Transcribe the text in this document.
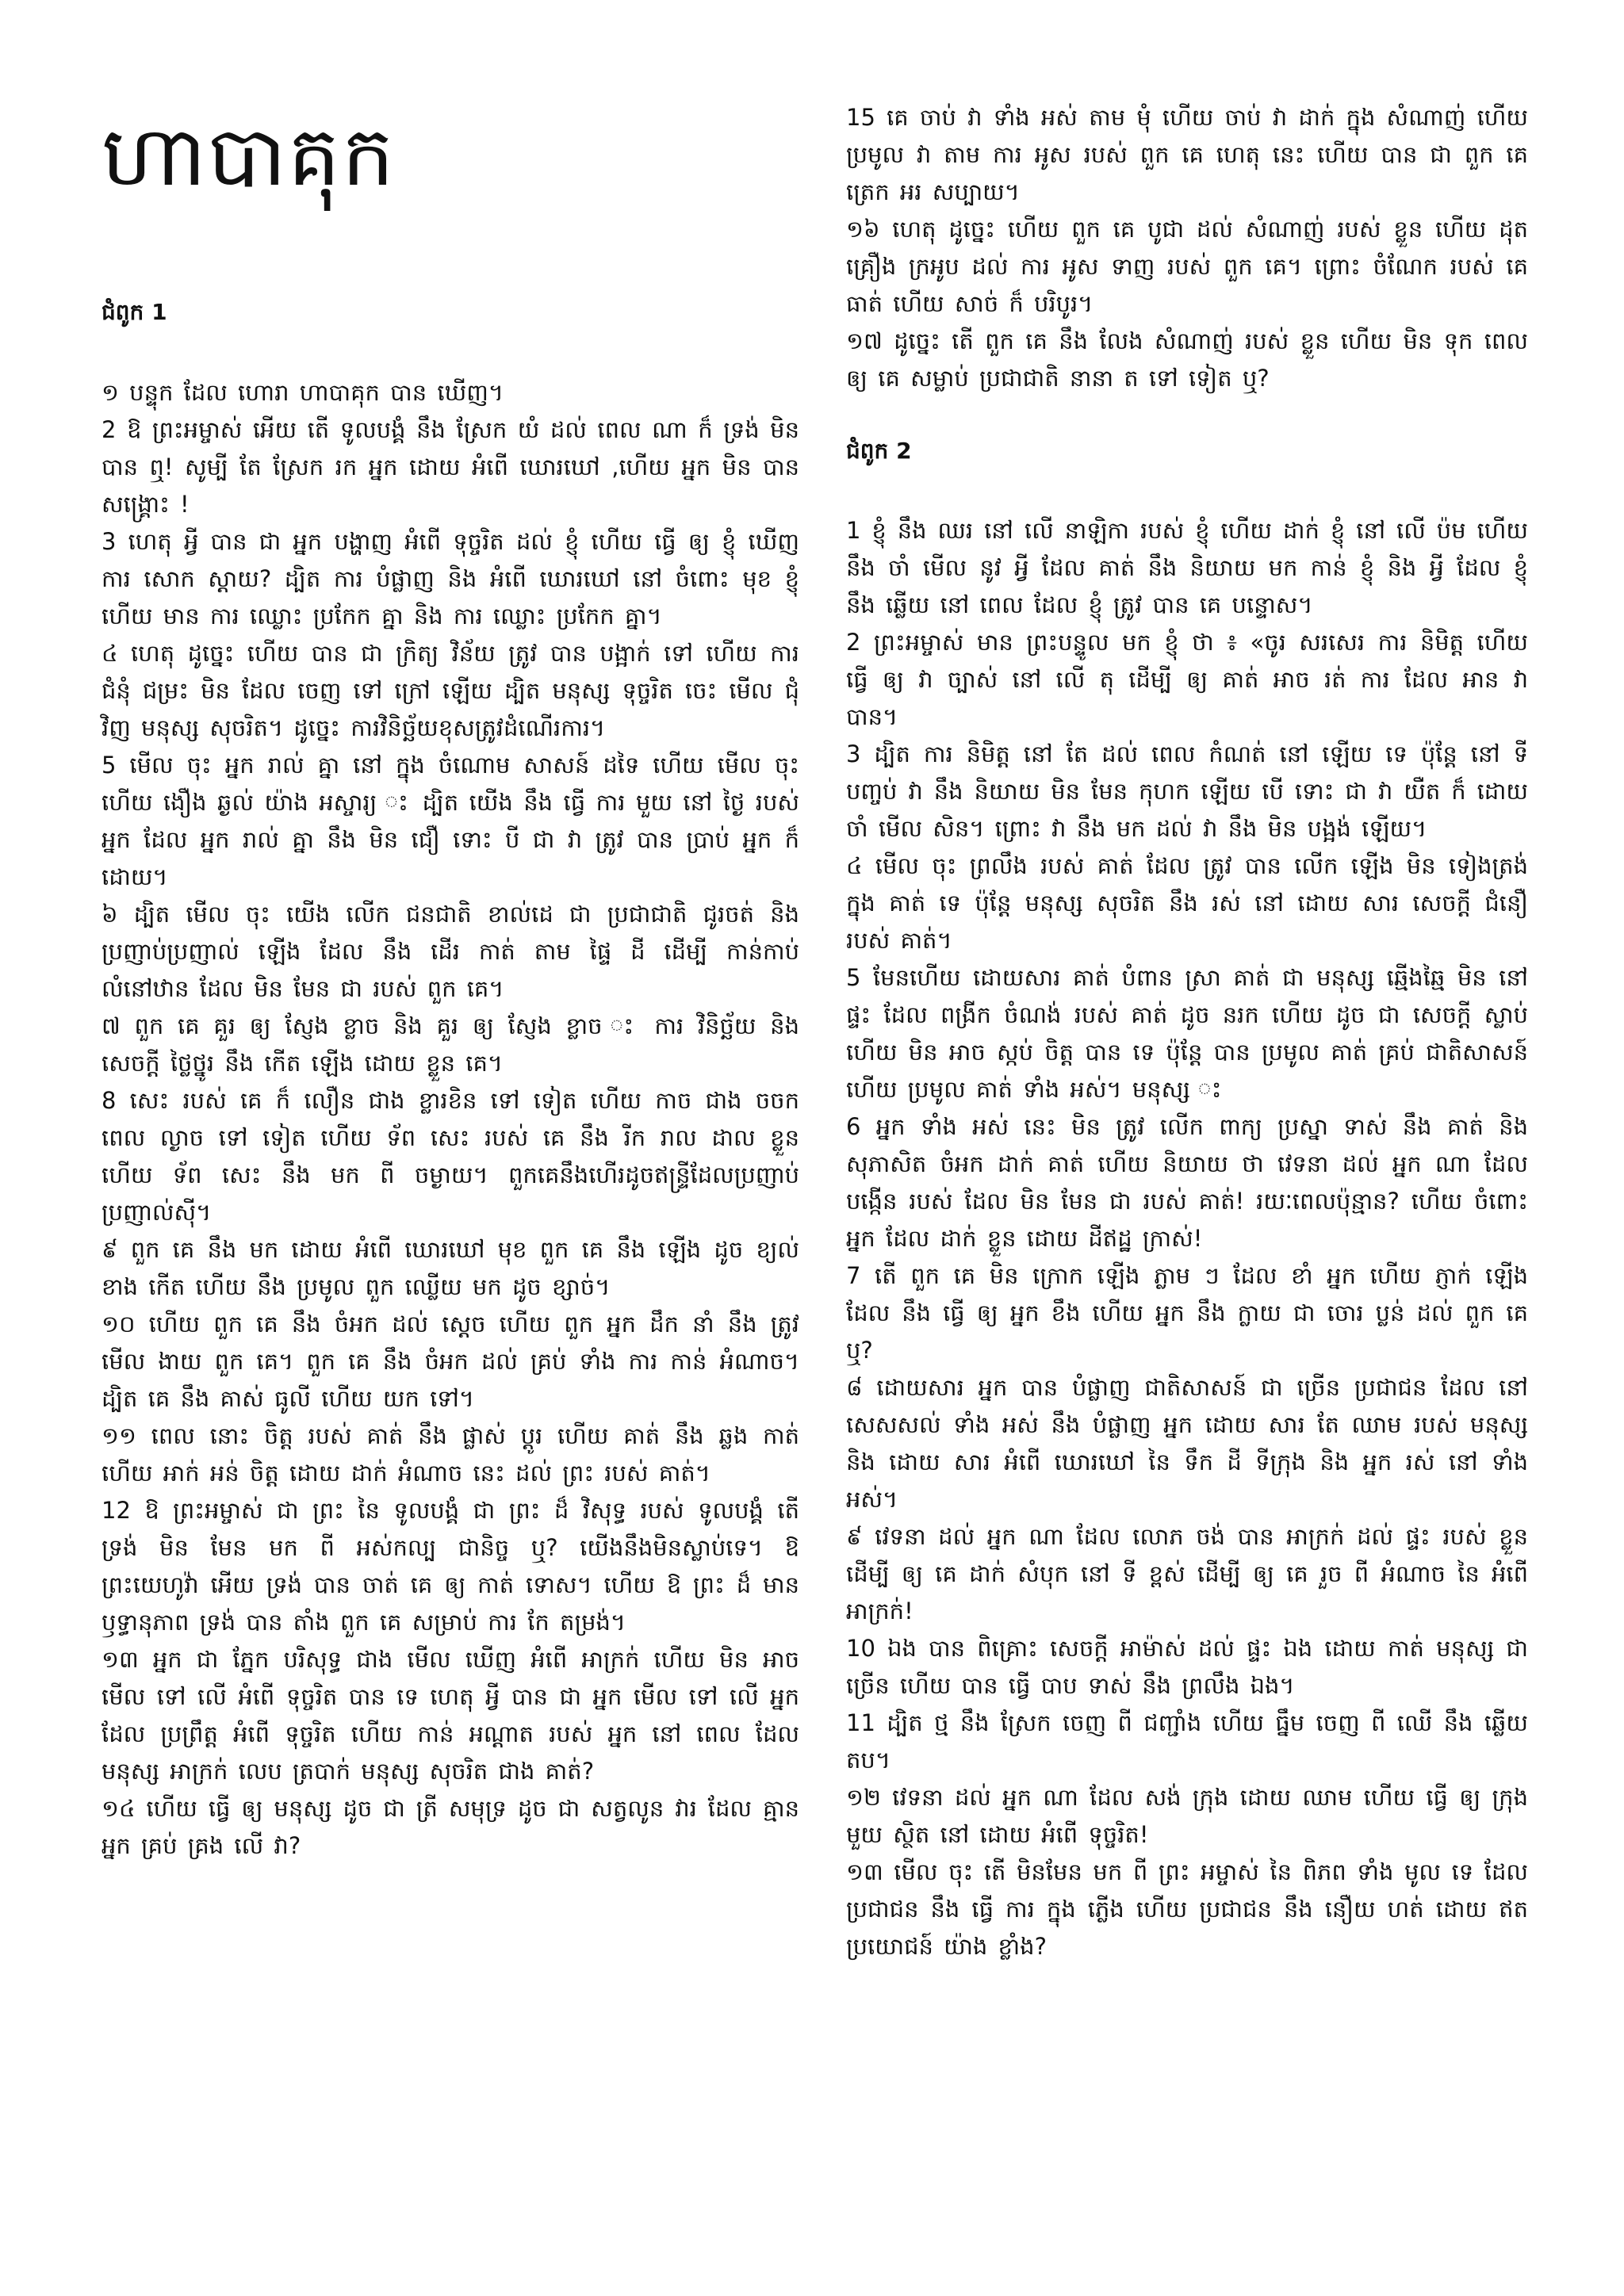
ហាបាគុក
ជំពូក 1

១ បន្ទុក ដែល ហោរា ហាបាគុក បាន ឃើញ។

2 ឱ ព្រះអម្ចាស់ អើយ តើ ទូលបង្គំ នឹង ស្រែក យំ ដល់ ពេល ណា ក៏ ទ្រង់ មិន បាន ឮ! សូម្បី តែ ស្រែក រក អ្នក ដោយ អំពើ ឃោរឃៅ ,ហើយ អ្នក មិន បាន សង្គ្រោះ !

3 ហេតុ អ្វី បាន ជា អ្នក បង្ហាញ អំពើ ទុច្ចរិត ដល់ ខ្ញុំ ហើយ ធ្វើ ឲ្យ ខ្ញុំ ឃើញ ការ សោក ស្ដាយ? ដ្បិត ការ បំផ្លាញ និង អំពើ ឃោរឃៅ នៅ ចំពោះ មុខ ខ្ញុំ ហើយ មាន ការ ឈ្លោះ ប្រកែក គ្នា និង ការ ឈ្លោះ ប្រកែក គ្នា។

៤ ហេតុ ដូច្នេះ ហើយ បាន ជា ក្រិត្យ វិន័យ ត្រូវ បាន បង្អាក់ ទៅ ហើយ ការ ជំនុំ ជម្រះ មិន ដែល ចេញ ទៅ ក្រៅ ឡើយ ដ្បិត មនុស្ស ទុច្ចរិត ចេះ មើល ជុំវិញ មនុស្ស សុចរិត។ ដូច្នេះ ការវិនិច្ឆ័យខុសត្រូវដំណើរការ។

5 មើល ចុះ អ្នក រាល់ គ្នា នៅ ក្នុង ចំណោម សាសន៍ ដទៃ ហើយ មើល ចុះ ហើយ ងឿង ឆ្ងល់ យ៉ាង អស្ចារ្យ ះ ដ្បិត យើង នឹង ធ្វើ ការ មួយ នៅ ថ្ងៃ របស់ អ្នក ដែល អ្នក រាល់ គ្នា នឹង មិន ជឿ ទោះ បី ជា វា ត្រូវ បាន ប្រាប់ អ្នក ក៏ ដោយ។

៦ ដ្បិត មើល ចុះ យើង លើក ជនជាតិ ខាល់ដេ ជា ប្រជាជាតិ ជូរចត់ និង ប្រញាប់ប្រញាល់ ឡើង ដែល នឹង ដើរ កាត់ តាម ផ្ទៃ ដី ដើម្បី កាន់កាប់ លំនៅឋាន ដែល មិន មែន ជា របស់ ពួក គេ។

៧ ពួក គេ គួរ ឲ្យ ស្ញែង ខ្លាច និង គួរ ឲ្យ ស្ញែង ខ្លាច ះ ការ វិនិច្ឆ័យ និង សេចក្ដី ថ្លៃថ្នូរ នឹង កើត ឡើង ដោយ ខ្លួន គេ។

8 សេះ របស់ គេ ក៏ លឿន ជាង ខ្លារខិន ទៅ ទៀត ហើយ កាច ជាង ចចក ពេល ល្ងាច ទៅ ទៀត ហើយ ទ័ព សេះ របស់ គេ នឹង រីក រាល ដាល ខ្លួន ហើយ ទ័ព សេះ នឹង មក ពី ចម្ងាយ។ ពួកគេនឹងហើរដូចឥន្ទ្រីដែលប្រញាប់ប្រញាល់ស៊ី។

៩ ពួក គេ នឹង មក ដោយ អំពើ ឃោរឃៅ មុខ ពួក គេ នឹង ឡើង ដូច ខ្យល់ ខាង កើត ហើយ នឹង ប្រមូល ពួក ឈ្លើយ មក ដូច ខ្សាច់។

១០ ហើយ ពួក គេ នឹង ចំអក ដល់ ស្ដេច ហើយ ពួក អ្នក ដឹក នាំ នឹង ត្រូវ មើល ងាយ ពួក គេ។ ពួក គេ នឹង ចំអក ដល់ គ្រប់ ទាំង ការ កាន់ អំណាច។ ដ្បិត គេ នឹង គាស់ ធូលី ហើយ យក ទៅ។

១១ ពេល នោះ ចិត្ត របស់ គាត់ នឹង ផ្លាស់ ប្ដូរ ហើយ គាត់ នឹង ឆ្លង កាត់ ហើយ អាក់ អន់ ចិត្ត ដោយ ដាក់ អំណាច នេះ ដល់ ព្រះ របស់ គាត់។

12 ឱ ព្រះអម្ចាស់ ជា ព្រះ នៃ ទូលបង្គំ ជា ព្រះ ដ៏ វិសុទ្ធ របស់ ទូលបង្គំ តើ ទ្រង់ មិន មែន មក ពី អស់កល្ប ជានិច្ច ឬ? យើងនឹងមិនស្លាប់ទេ។ ឱ ព្រះយេហូវ៉ា អើយ ទ្រង់ បាន ចាត់ គេ ឲ្យ កាត់ ទោស។ ហើយ ឱ ព្រះ ដ៏ មាន ឫទ្ធានុភាព ទ្រង់ បាន តាំង ពួក គេ សម្រាប់ ការ កែ តម្រង់។

១៣ អ្នក ជា ភ្នែក បរិសុទ្ធ ជាង មើល ឃើញ អំពើ អាក្រក់ ហើយ មិន អាច មើល ទៅ លើ អំពើ ទុច្ចរិត បាន ទេ ហេតុ អ្វី បាន ជា អ្នក មើល ទៅ លើ អ្នក ដែល ប្រព្រឹត្ត អំពើ ទុច្ចរិត ហើយ កាន់ អណ្ដាត របស់ អ្នក នៅ ពេល ដែល មនុស្ស អាក្រក់ លេប ត្របាក់ មនុស្ស សុចរិត ជាង គាត់?

១៤ ហើយ ធ្វើ ឲ្យ មនុស្ស ដូច ជា ត្រី សមុទ្រ ដូច ជា សត្វលូន វារ ដែល គ្មាន អ្នក គ្រប់ គ្រង លើ វា?

15 គេ ចាប់ វា ទាំង អស់ តាម មុំ ហើយ ចាប់ វា ដាក់ ក្នុង សំណាញ់ ហើយ ប្រមូល វា តាម ការ អូស របស់ ពួក គេ ហេតុ នេះ ហើយ បាន ជា ពួក គេ ត្រេក អរ សប្បាយ។

១៦ ហេតុ ដូច្នេះ ហើយ ពួក គេ បូជា ដល់ សំណាញ់ របស់ ខ្លួន ហើយ ដុត គ្រឿង ក្រអូប ដល់ ការ អូស ទាញ របស់ ពួក គេ។ ព្រោះ ចំណែក របស់ គេ ធាត់ ហើយ សាច់ ក៏ បរិបូរ។

១៧ ដូច្នេះ តើ ពួក គេ នឹង លែង សំណាញ់ របស់ ខ្លួន ហើយ មិន ទុក ពេល ឲ្យ គេ សម្លាប់ ប្រជាជាតិ នានា ត ទៅ ទៀត ឬ?

ជំពូក 2

1 ខ្ញុំ នឹង ឈរ នៅ លើ នាឡិកា របស់ ខ្ញុំ ហើយ ដាក់ ខ្ញុំ នៅ លើ ប៉ម ហើយ នឹង ចាំ មើល នូវ អ្វី ដែល គាត់ នឹង និយាយ មក កាន់ ខ្ញុំ និង អ្វី ដែល ខ្ញុំ នឹង ឆ្លើយ នៅ ពេល ដែល ខ្ញុំ ត្រូវ បាន គេ បន្ទោស។

2 ព្រះអម្ចាស់ មាន ព្រះបន្ទូល មក ខ្ញុំ ថា ៖ «ចូរ សរសេរ ការ និមិត្ត ហើយ ធ្វើ ឲ្យ វា ច្បាស់ នៅ លើ តុ ដើម្បី ឲ្យ គាត់ អាច រត់ ការ ដែល អាន វា បាន។

3 ដ្បិត ការ និមិត្ត នៅ តែ ដល់ ពេល កំណត់ នៅ ឡើយ ទេ ប៉ុន្តែ នៅ ទី បញ្ចប់ វា នឹង និយាយ មិន មែន កុហក ឡើយ បើ ទោះ ជា វា យឺត ក៏ ដោយ ចាំ មើល សិន។ ព្រោះ វា នឹង មក ដល់ វា នឹង មិន បង្អង់ ឡើយ។

៤ មើល ចុះ ព្រលឹង របស់ គាត់ ដែល ត្រូវ បាន លើក ឡើង មិន ទៀងត្រង់ ក្នុង គាត់ ទេ ប៉ុន្តែ មនុស្ស សុចរិត នឹង រស់ នៅ ដោយ សារ សេចក្ដី ជំនឿ របស់ គាត់។

5 មែនហើយ ដោយសារ គាត់ បំពាន ស្រា គាត់ ជា មនុស្ស ឆ្មើងឆ្មៃ មិន នៅ ផ្ទះ ដែល ពង្រីក ចំណង់ របស់ គាត់ ដូច នរក ហើយ ដូច ជា សេចក្ដី ស្លាប់ ហើយ មិន អាច ស្កប់ ចិត្ត បាន ទេ ប៉ុន្តែ បាន ប្រមូល គាត់ គ្រប់ ជាតិសាសន៍ ហើយ ប្រមូល គាត់ ទាំង អស់។ មនុស្ស ះ

6 អ្នក ទាំង អស់ នេះ មិន ត្រូវ លើក ពាក្យ ប្រស្នា ទាស់ នឹង គាត់ និង សុភាសិត ចំអក ដាក់ គាត់ ហើយ និយាយ ថា វេទនា ដល់ អ្នក ណា ដែល បង្កើន របស់ ដែល មិន មែន ជា របស់ គាត់! រយៈពេលប៉ុន្មាន? ហើយ ចំពោះ អ្នក ដែល ដាក់ ខ្លួន ដោយ ដីឥដ្ឋ ក្រាស់!

7 តើ ពួក គេ មិន ក្រោក ឡើង ភ្លាម ៗ ដែល ខាំ អ្នក ហើយ ភ្ញាក់ ឡើង ដែល នឹង ធ្វើ ឲ្យ អ្នក ខឹង ហើយ អ្នក នឹង ក្លាយ ជា ចោរ ប្លន់ ដល់ ពួក គេ ឬ?

៨ ដោយសារ អ្នក បាន បំផ្លាញ ជាតិសាសន៍ ជា ច្រើន ប្រជាជន ដែល នៅ សេសសល់ ទាំង អស់ នឹង បំផ្លាញ អ្នក ដោយ សារ តែ ឈាម របស់ មនុស្ស និង ដោយ សារ អំពើ ឃោរឃៅ នៃ ទឹក ដី ទីក្រុង និង អ្នក រស់ នៅ ទាំង អស់។

៩ វេទនា ដល់ អ្នក ណា ដែល លោភ ចង់ បាន អាក្រក់ ដល់ ផ្ទះ របស់ ខ្លួន ដើម្បី ឲ្យ គេ ដាក់ សំបុក នៅ ទី ខ្ពស់ ដើម្បី ឲ្យ គេ រួច ពី អំណាច នៃ អំពើ អាក្រក់!

10 ឯង បាន ពិគ្រោះ សេចក្ដី អាម៉ាស់ ដល់ ផ្ទះ ឯង ដោយ កាត់ មនុស្ស ជា ច្រើន ហើយ បាន ធ្វើ បាប ទាស់ នឹង ព្រលឹង ឯង។

11 ដ្បិត ថ្ម នឹង ស្រែក ចេញ ពី ជញ្ជាំង ហើយ ធ្នឹម ចេញ ពី ឈើ នឹង ឆ្លើយ តប។

១២ វេទនា ដល់ អ្នក ណា ដែល សង់ ក្រុង ដោយ ឈាម ហើយ ធ្វើ ឲ្យ ក្រុង មួយ ស្ថិត នៅ ដោយ អំពើ ទុច្ចរិត!

១៣ មើល ចុះ តើ មិនមែន មក ពី ព្រះ អម្ចាស់ នៃ ពិភព ទាំង មូល ទេ ដែល ប្រជាជន នឹង ធ្វើ ការ ក្នុង ភ្លើង ហើយ ប្រជាជន នឹង នឿយ ហត់ ដោយ ឥត ប្រយោជន៍ យ៉ាង ខ្លាំង?
